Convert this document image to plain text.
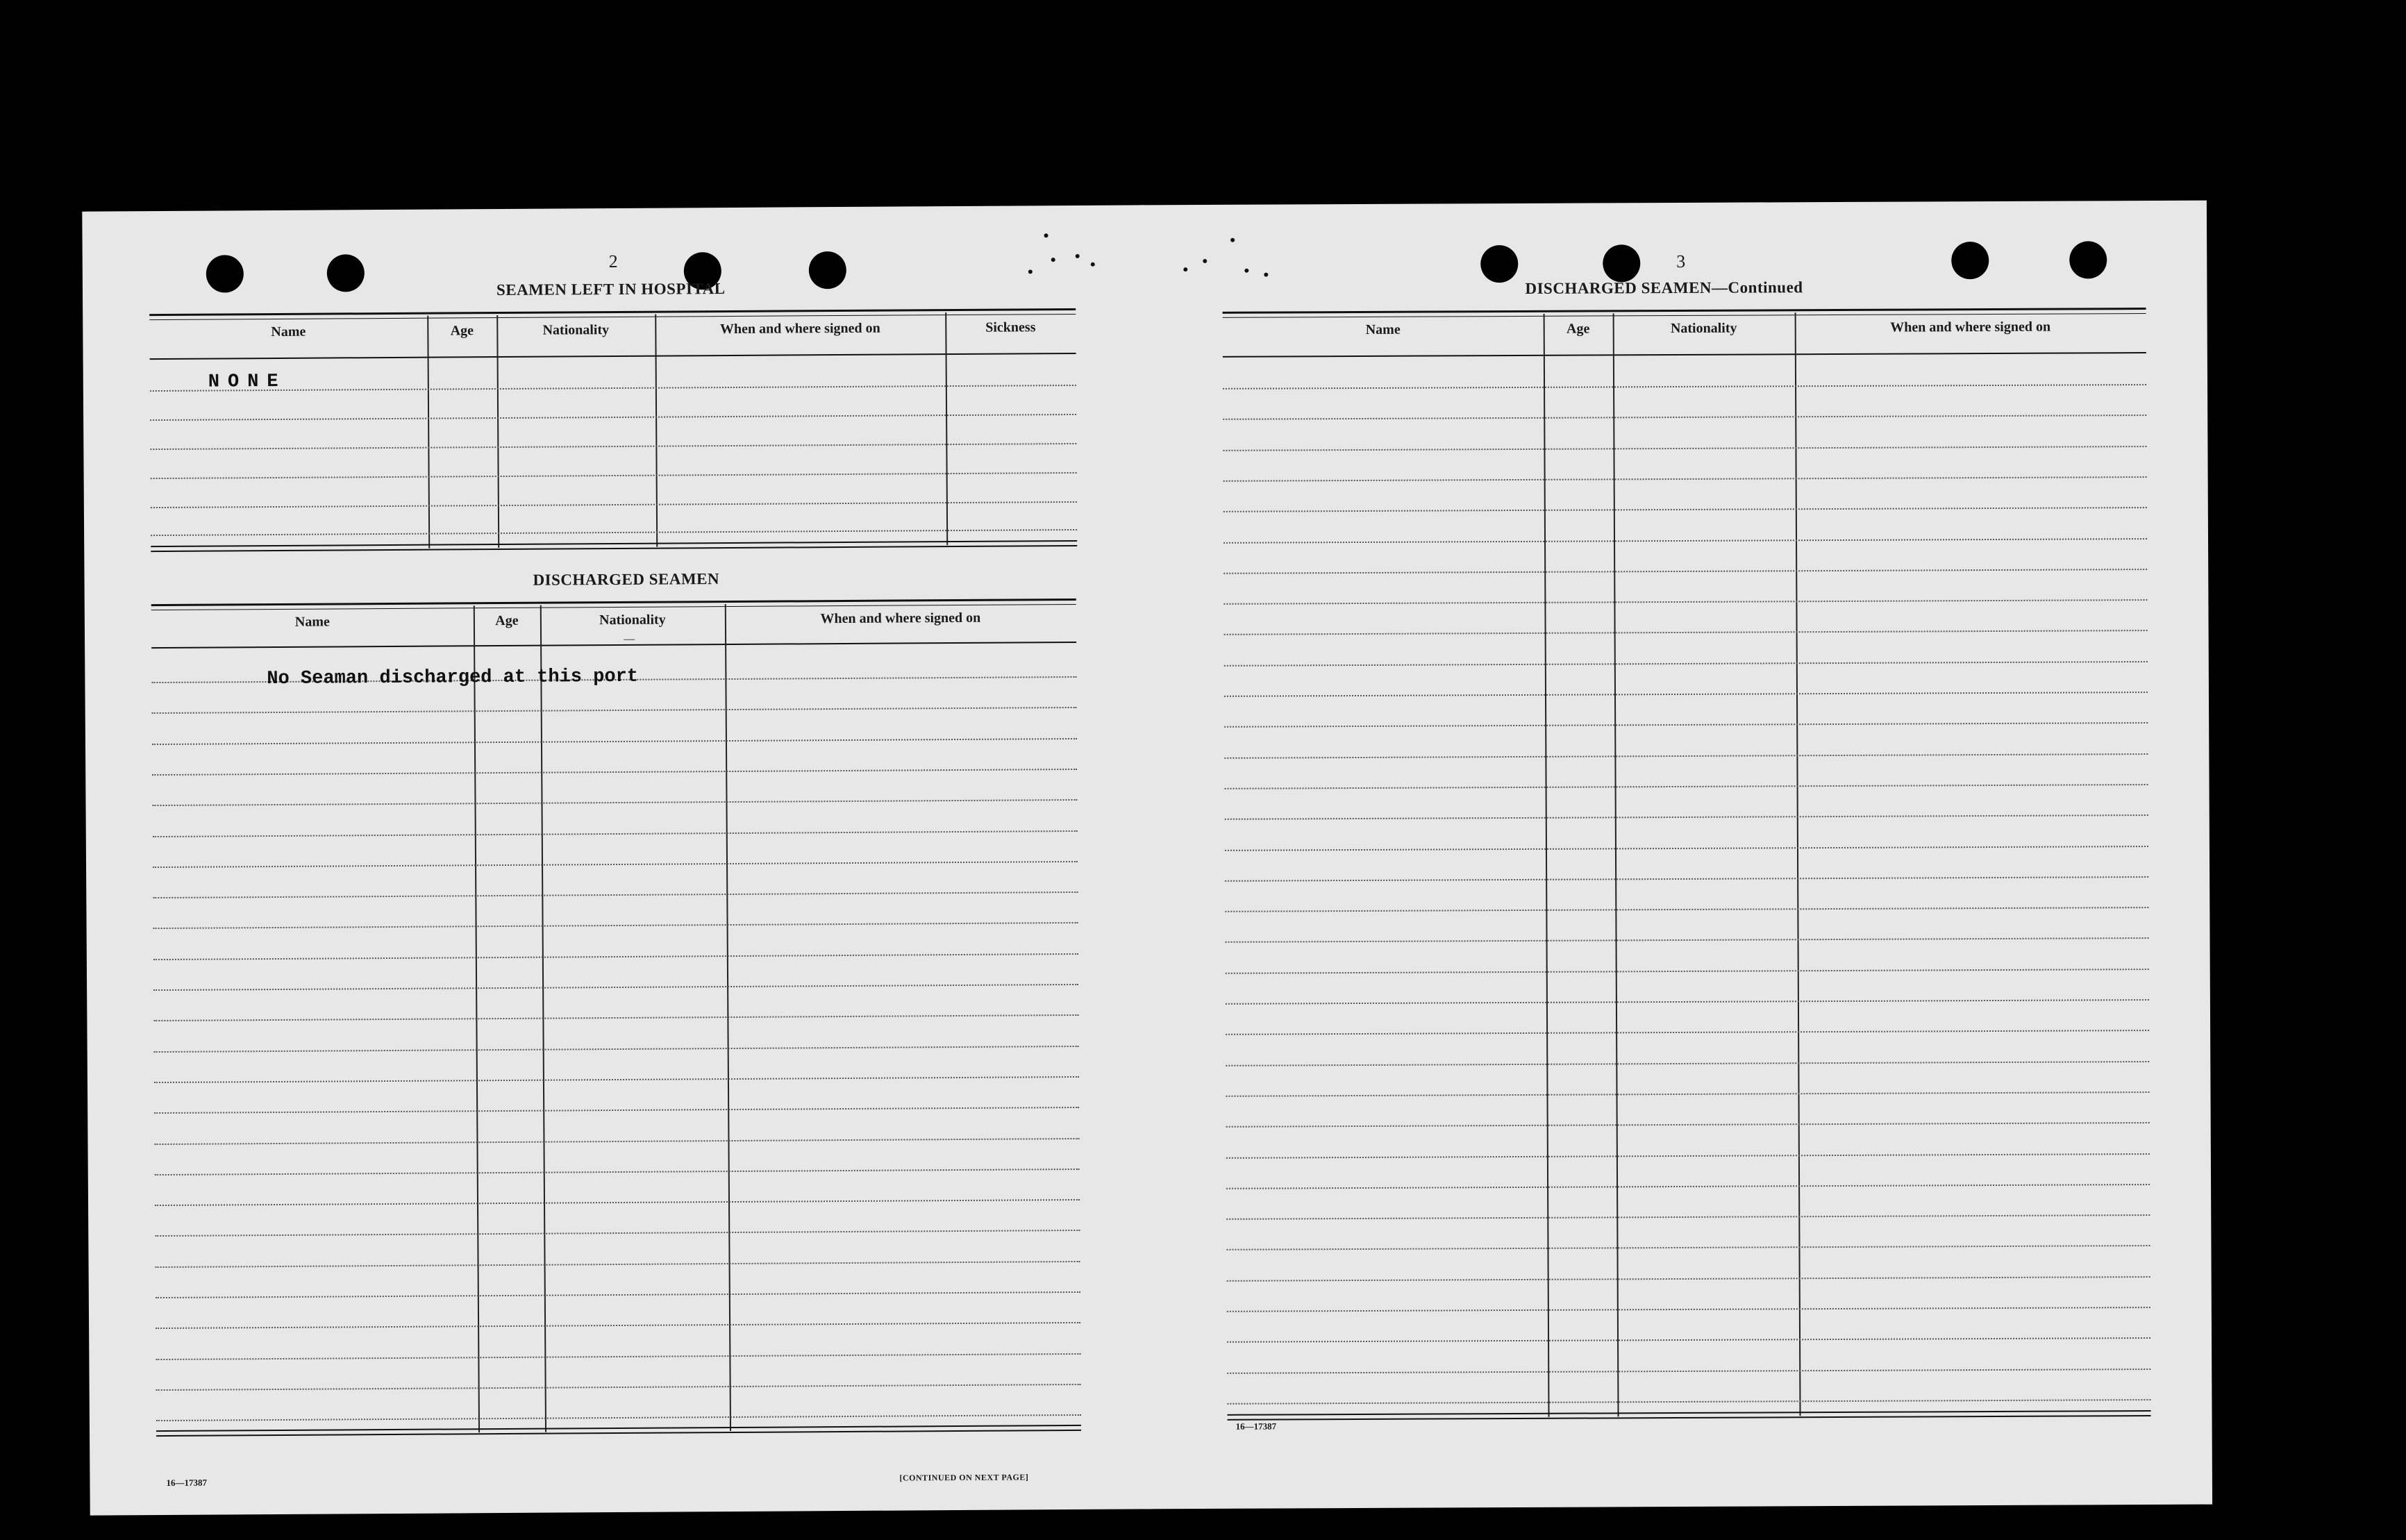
2
SEAMEN LEFT IN HOSPITAL
Name	Age	Nationality	When and where signed on	Sickness
NONE
DISCHARGED SEAMEN
Name	Age	Nationality	When and where signed on
—
No Seaman discharged at this port
16—17387	[CONTINUED ON NEXT PAGE]
3
DISCHARGED SEAMEN—Continued
Name	Age	Nationality	When and where signed on
16—17387
